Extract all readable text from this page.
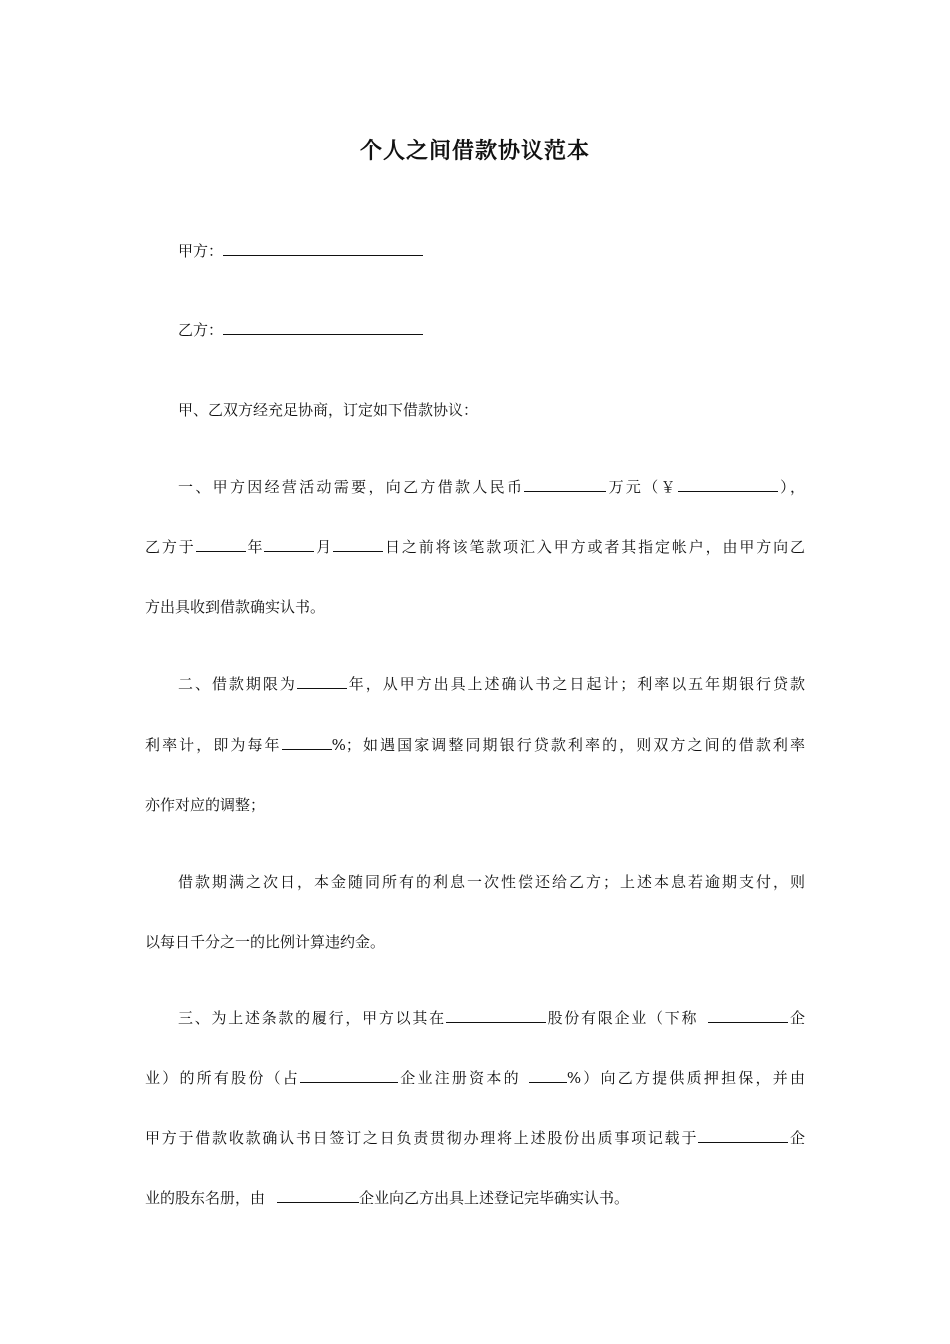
个人之间借款协议范本
甲方：
乙方：
甲、乙双方经充足协商，订定如下借款协议：
一、甲方因经营活动需要，向乙方借款人民币	万元（￥	），
乙方于	年	月	日之前将该笔款项汇入甲方或者其指定帐户，由甲方向乙
方出具收到借款确实认书。
二、借款期限为	年，从甲方出具上述确认书之日起计；利率以五年期银行贷款
利率计，即为每年	%；如遇国家调整同期银行贷款利率的，则双方之间的借款利率
亦作对应的调整；
借款期满之次日，本金随同所有的利息一次性偿还给乙方；上述本息若逾期支付，则
以每日千分之一的比例计算违约金。
三、为上述条款的履行，甲方以其在	股份有限企业（下称	企
业）的所有股份（占	企业注册资本的	%）向乙方提供质押担保，并由
甲方于借款收款确认书日签订之日负责贯彻办理将上述股份出质事项记载于	企
业的股东名册，由	企业向乙方出具上述登记完毕确实认书。
